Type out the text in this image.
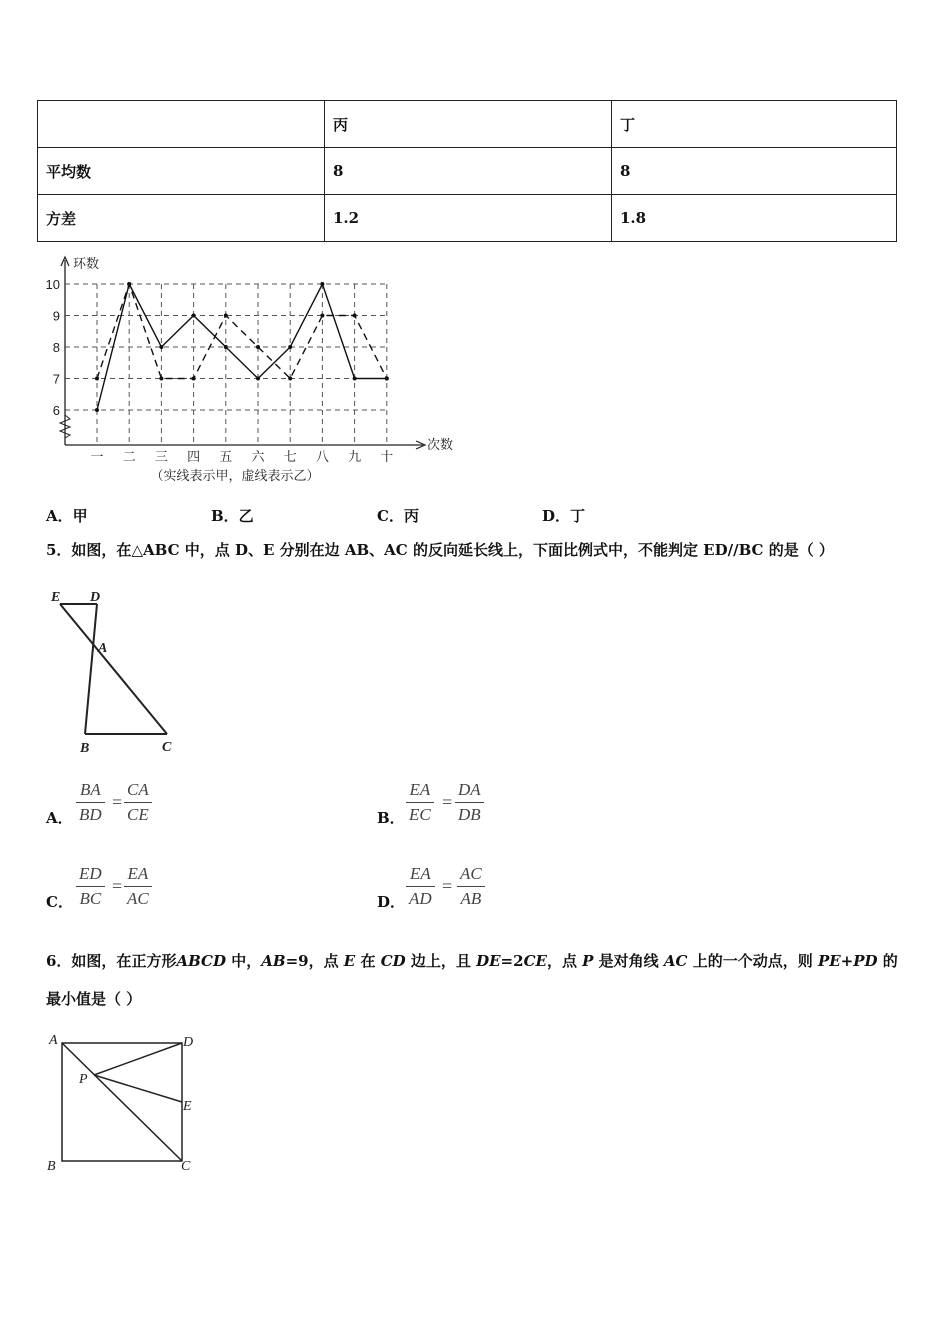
	丙	丁
平均数	8	8
方差	1.2	1.8
环数
次数
6
7
8
9
10
一 二 三 四 五 六 七 八 九 十
（实线表示甲，虚线表示乙）
A．甲	B．乙	C．丙	D．丁
5．如图，在△ABC 中，点 D、E 分别在边 AB、AC 的反向延长线上，下面比例式中，不能判定 ED//BC 的是（ ）
E D
A
B	C
A． $\frac{BA}{BD} = \frac{CA}{CE}$	B． $\frac{EA}{EC} = \frac{DA}{DB}$
C． $\frac{ED}{BC} = \frac{EA}{AC}$	D． $\frac{EA}{AD} = \frac{AC}{AB}$
6．如图，在正方形ABCD 中，AB=9，点 E 在 CD 边上，且 DE=2CE，点 P 是对角线 AC 上的一个动点，则 PE+PD 的
最小值是（ ）
A	D
P
E
B	C
